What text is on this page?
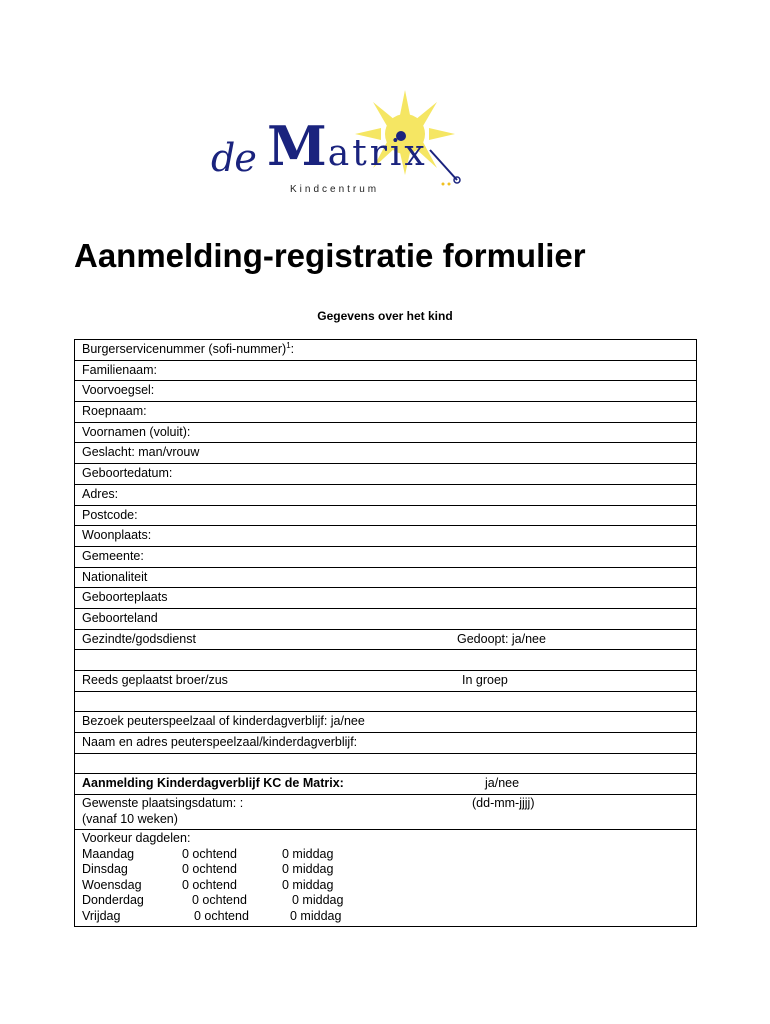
de Matrix
Kindcentrum
Aanmelding-registratie formulier
Gegevens over het kind
Burgerservicenummer (sofi-nummer)$^1$:
Familienaam:
Voorvoegsel:
Roepnaam:
Voornamen (voluit):
Geslacht: man/vrouw
Geboortedatum:
Adres:
Postcode:
Woonplaats:
Gemeente:
Nationaliteit
Geboorteplaats
Geboorteland

Gezindte/godsdienst	Gedoopt: ja/nee

Reeds geplaatst broer/zus	In groep

Bezoek peuterspeelzaal of kinderdagverblijf: ja/nee
Naam en adres peuterspeelzaal/kinderdagverblijf:

Aanmelding Kinderdagverblijf KC de Matrix:	ja/nee

Gewenste plaatsingsdatum: :	(dd-mm-jjjj)
(vanaf 10 weken)

Voorkeur dagdelen:
Maandag	0 ochtend	0 middag
Dinsdag	0 ochtend	0 middag
Woensdag	0 ochtend	0 middag
Donderdag	0 ochtend	0 middag
Vrijdag	0 ochtend	0 middag
